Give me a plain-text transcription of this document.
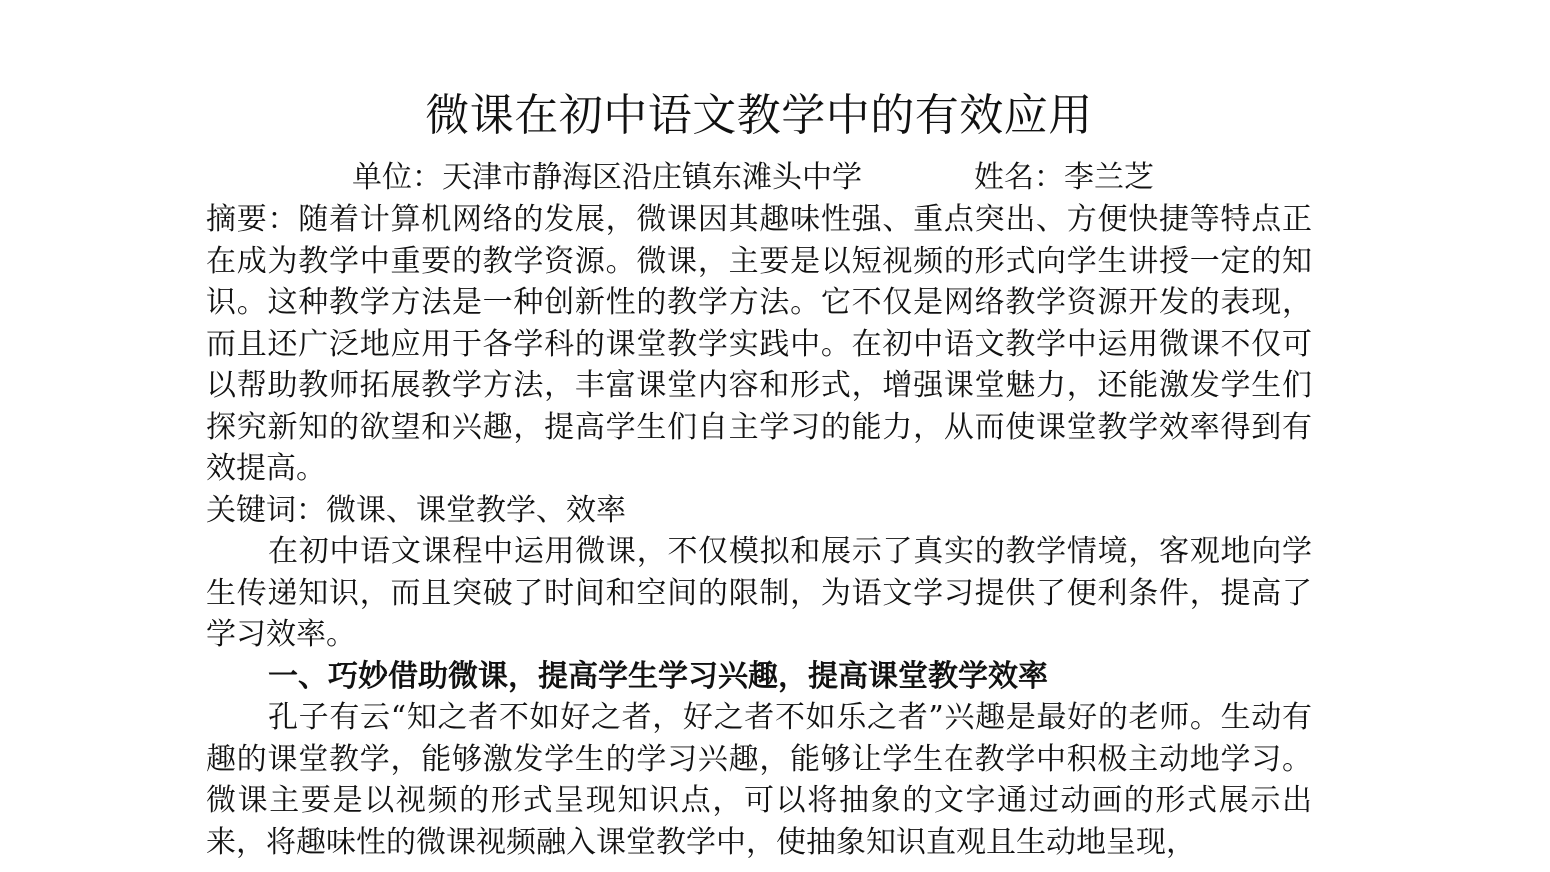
微课在初中语文教学中的有效应用
单位：天津市静海区沿庄镇东滩头中学	姓名：李兰芝

摘要：随着计算机网络的发展，微课因其趣味性强、重点突出、方便快捷等特点正在成为教学中重要的教学资源。微课，主要是以短视频的形式向学生讲授一定的知识。这种教学方法是一种创新性的教学方法。它不仅是网络教学资源开发的表现，而且还广泛地应用于各学科的课堂教学实践中。在初中语文教学中运用微课不仅可以帮助教师拓展教学方法，丰富课堂内容和形式，增强课堂魅力，还能激发学生们探究新知的欲望和兴趣，提高学生们自主学习的能力，从而使课堂教学效率得到有效提高。

关键词：微课、课堂教学、效率

在初中语文课程中运用微课，不仅模拟和展示了真实的教学情境，客观地向学生传递知识，而且突破了时间和空间的限制，为语文学习提供了便利条件，提高了学习效率。

一、巧妙借助微课，提高学生学习兴趣，提高课堂教学效率

孔子有云“知之者不如好之者，好之者不如乐之者”兴趣是最好的老师。生动有趣的课堂教学，能够激发学生的学习兴趣，能够让学生在教学中积极主动地学习。微课主要是以视频的形式呈现知识点，可以将抽象的文字通过动画的形式展示出来，将趣味性的微课视频融入课堂教学中，使抽象知识直观且生动地呈现，
